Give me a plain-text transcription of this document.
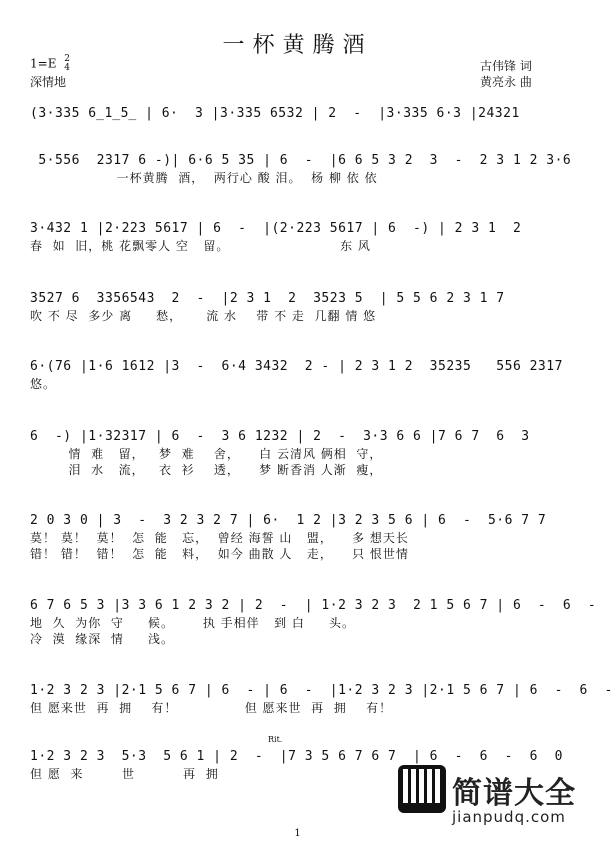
一杯黄腾酒
1=E 2
4
深情地
古伟锋 词
黄亮永 曲
(3·335 6̲1̲5̲ | 6·  3 |3·335 6532 | 2  -  |3·335 6·3 |24321
5·556  2317 6 -)| 6·6 5 35 | 6  -  |6 6 5 3 2  3  -  2 3 1 2 3·6
一杯黄腾  酒，  两行心 酸 泪。  杨 柳 依 依
3·432 1 |2·223 5617 | 6  -  |(2·223 5617 | 6  -) | 2 3 1  2
春  如  旧，桃 花飘零人 空   留。                       东 风
3527 6  3356543  2  -  |2 3 1  2  3523 5  | 5 5 6 2 3 1 7
吹 不 尽  多少 离     愁，     流 水    带 不 走  几翻 情 悠
6·(76 |1·6 1612 |3  -  6·4 3432  2 - | 2 3 1 2  35235   556 2317
悠。
6  -) |1·32317 | 6  -  3 6 1232 | 2  -  3·3 6 6 |7 6 7  6  3
情  难   留，   梦  难    舍，    白 云清风 俩相  守，
泪  水   流，   衣  衫    透，    梦 断香消 人渐  瘦，
2 0 3 0 | 3  -  3 2 3 2 7 | 6·  1 2 |3 2 3 5 6 | 6  -  5·6 7 7
莫！ 莫！  莫！  怎  能   忘，  曾经 海誓 山   盟，    多 想天长
错！ 错！  错！  怎  能   料，  如今 曲散 人   走，    只 恨世情
6 7 6 5 3 |3 3 6 1 2 3 2 | 2  -  | 1·2 3 2 3  2 1 5 6 7 | 6  -  6  -
地  久  为你  守     候。      执 手相伴   到 白     头。
冷  漠  缘深  情     浅。
1·2 3 2 3 |2·1 5 6 7 | 6  - | 6  -  |1·2 3 2 3 |2·1 5 6 7 | 6  -  6  -
但 愿来世  再  拥    有！              但 愿来世  再  拥    有！
Rit.
1·2 3 2 3  5·3  5 6 1 | 2  -  |7 3 5 6 7 6 7  | 6  -  6  -  6  0
但 愿  来        世          再  拥
简谱大全
jianpudq.com
1
